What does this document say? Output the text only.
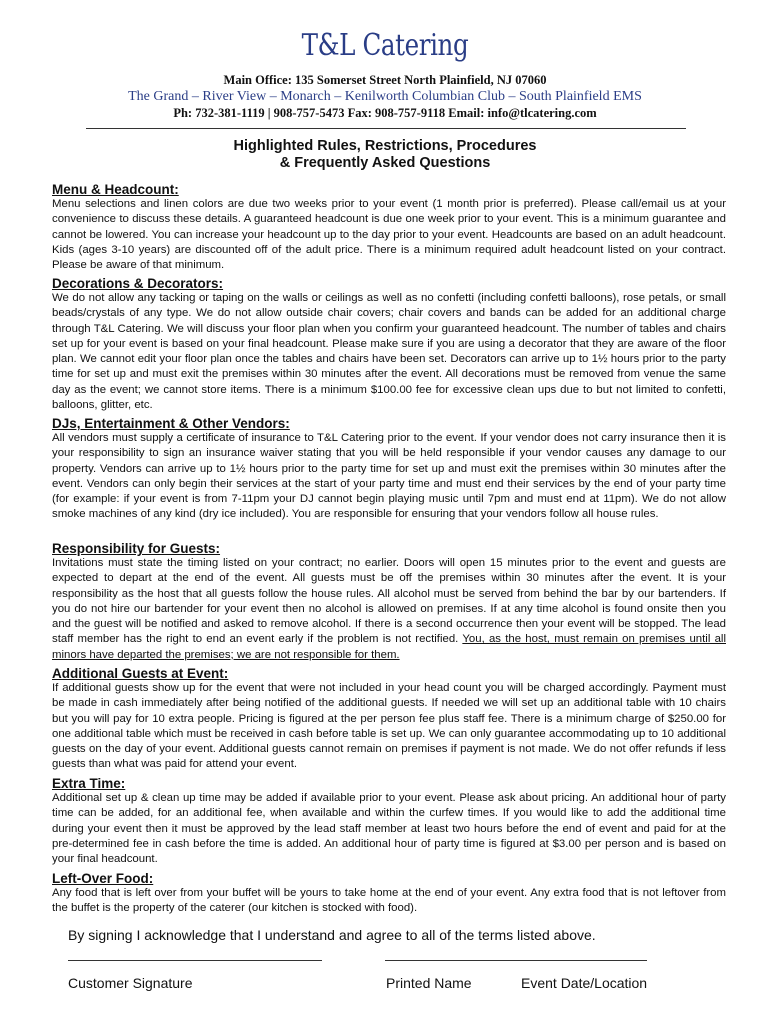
T&L Catering
Main Office: 135 Somerset Street North Plainfield, NJ 07060
The Grand – River View – Monarch – Kenilworth Columbian Club – South Plainfield EMS
Ph: 732-381-1119 | 908-757-5473 Fax: 908-757-9118 Email: info@tlcatering.com
Highlighted Rules, Restrictions, Procedures
& Frequently Asked Questions
Menu & Headcount:
Menu selections and linen colors are due two weeks prior to your event (1 month prior is preferred). Please call/email us at your convenience to discuss these details. A guaranteed headcount is due one week prior to your event. This is a minimum guarantee and cannot be lowered. You can increase your headcount up to the day prior to your event. Headcounts are based on an adult headcount. Kids (ages 3-10 years) are discounted off of the adult price. There is a minimum required adult headcount listed on your contract. Please be aware of that minimum.
Decorations & Decorators:
We do not allow any tacking or taping on the walls or ceilings as well as no confetti (including confetti balloons), rose petals, or small beads/crystals of any type. We do not allow outside chair covers; chair covers and bands can be added for an additional charge through T&L Catering. We will discuss your floor plan when you confirm your guaranteed headcount. The number of tables and chairs set up for your event is based on your final headcount. Please make sure if you are using a decorator that they are aware of the floor plan. We cannot edit your floor plan once the tables and chairs have been set. Decorators can arrive up to 1½ hours prior to the party time for set up and must exit the premises within 30 minutes after the event. All decorations must be removed from venue the same day as the event; we cannot store items. There is a minimum $100.00 fee for excessive clean ups due to but not limited to confetti, balloons, glitter, etc.
DJs, Entertainment & Other Vendors:
All vendors must supply a certificate of insurance to T&L Catering prior to the event. If your vendor does not carry insurance then it is your responsibility to sign an insurance waiver stating that you will be held responsible if your vendor causes any damage to our property. Vendors can arrive up to 1½ hours prior to the party time for set up and must exit the premises within 30 minutes after the event. Vendors can only begin their services at the start of your party time and must end their services by the end of your party time (for example: if your event is from 7-11pm your DJ cannot begin playing music until 7pm and must end at 11pm). We do not allow smoke machines of any kind (dry ice included). You are responsible for ensuring that your vendors follow all house rules.
Responsibility for Guests:
Invitations must state the timing listed on your contract; no earlier. Doors will open 15 minutes prior to the event and guests are expected to depart at the end of the event. All guests must be off the premises within 30 minutes after the event. It is your responsibility as the host that all guests follow the house rules. All alcohol must be served from behind the bar by our bartenders. If you do not hire our bartender for your event then no alcohol is allowed on premises. If at any time alcohol is found onsite then you and the guest will be notified and asked to remove alcohol. If there is a second occurrence then your event will be stopped. The lead staff member has the right to end an event early if the problem is not rectified. You, as the host, must remain on premises until all minors have departed the premises; we are not responsible for them.
Additional Guests at Event:
If additional guests show up for the event that were not included in your head count you will be charged accordingly. Payment must be made in cash immediately after being notified of the additional guests. If needed we will set up an additional table with 10 chairs but you will pay for 10 extra people. Pricing is figured at the per person fee plus staff fee. There is a minimum charge of $250.00 for one additional table which must be received in cash before table is set up. We can only guarantee accommodating up to 10 additional guests on the day of your event. Additional guests cannot remain on premises if payment is not made. We do not offer refunds if less guests than what was paid for attend your event.
Extra Time:
Additional set up & clean up time may be added if available prior to your event. Please ask about pricing. An additional hour of party time can be added, for an additional fee, when available and within the curfew times. If you would like to add the additional time during your event then it must be approved by the lead staff member at least two hours before the end of event and paid for at the pre-determined fee in cash before the time is added. An additional hour of party time is figured at $3.00 per person and is based on your final headcount.
Left-Over Food:
Any food that is left over from your buffet will be yours to take home at the end of your event. Any extra food that is not leftover from the buffet is the property of the caterer (our kitchen is stocked with food).
By signing I acknowledge that I understand and agree to all of the terms listed above.
Customer Signature	Printed Name	Event Date/Location
